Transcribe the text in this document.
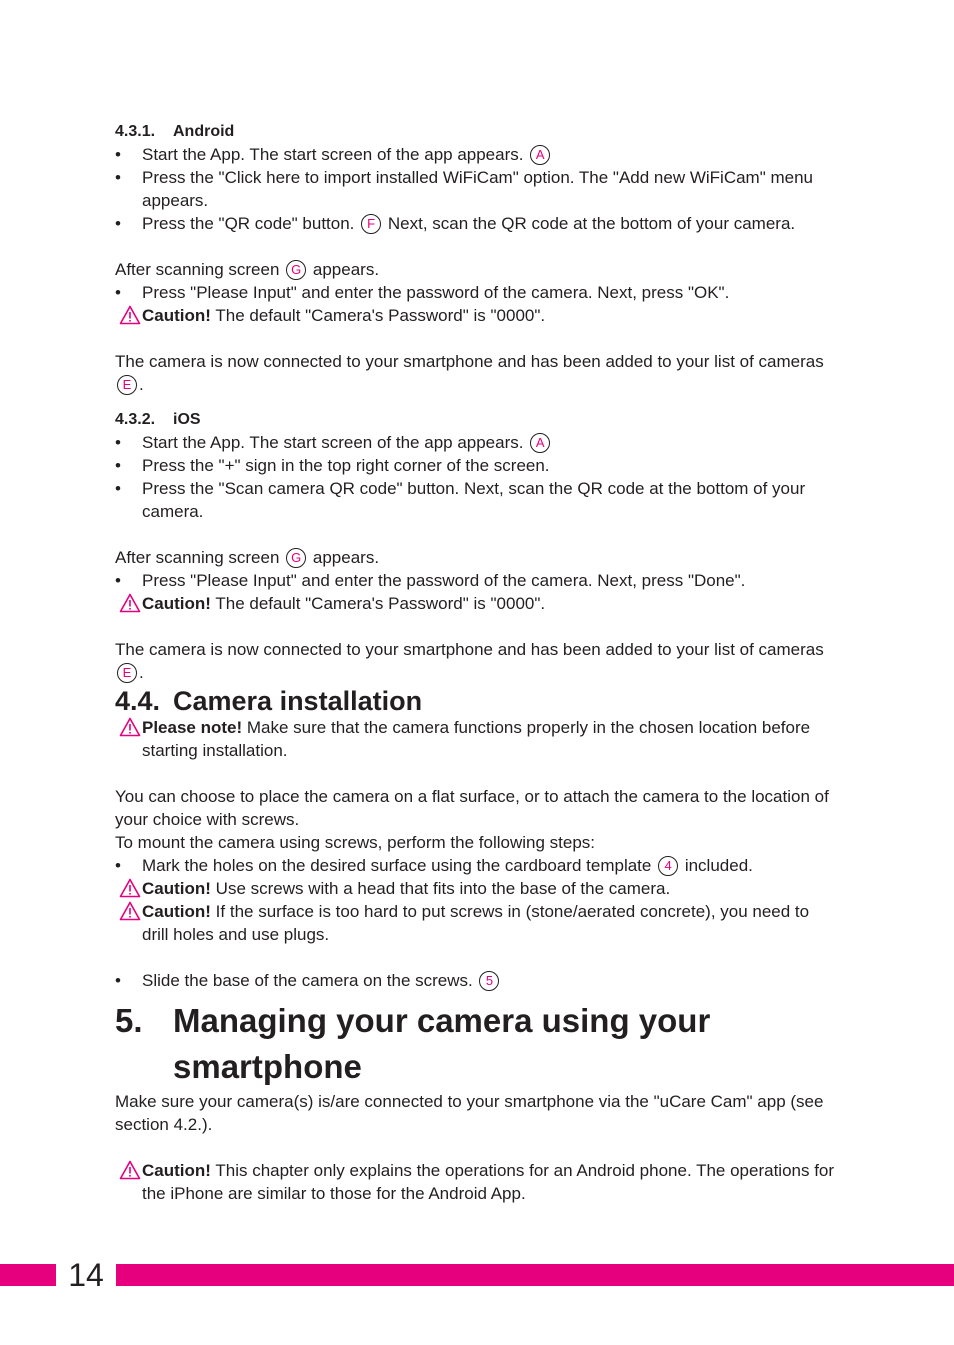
4.3.1. Android
• Start the App. The start screen of the app appears. A
• Press the "Click here to import installed WiFiCam" option. The "Add new WiFiCam" menu appears.
• Press the "QR code" button. F Next, scan the QR code at the bottom of your camera.
After scanning screen G appears.
• Press "Please Input" and enter the password of the camera. Next, press "OK".
Caution! The default "Camera's Password" is "0000".
The camera is now connected to your smartphone and has been added to your list of cameras E .
4.3.2. iOS
• Start the App. The start screen of the app appears. A
• Press the "+" sign in the top right corner of the screen.
• Press the "Scan camera QR code" button. Next, scan the QR code at the bottom of your camera.
After scanning screen G appears.
• Press "Please Input" and enter the password of the camera. Next, press "Done".
Caution! The default "Camera's Password" is "0000".
The camera is now connected to your smartphone and has been added to your list of cameras E .
4.4. Camera installation
Please note! Make sure that the camera functions properly in the chosen location before starting installation.
You can choose to place the camera on a flat surface, or to attach the camera to the location of your choice with screws.
To mount the camera using screws, perform the following steps:
• Mark the holes on the desired surface using the cardboard template 4 included.
Caution! Use screws with a head that fits into the base of the camera.
Caution! If the surface is too hard to put screws in (stone/aerated concrete), you need to drill holes and use plugs.
• Slide the base of the camera on the screws. 5
5. Managing your camera using your smartphone
Make sure your camera(s) is/are connected to your smartphone via the "uCare Cam" app (see section 4.2.).
Caution! This chapter only explains the operations for an Android phone. The operations for the iPhone are similar to those for the Android App.
14
